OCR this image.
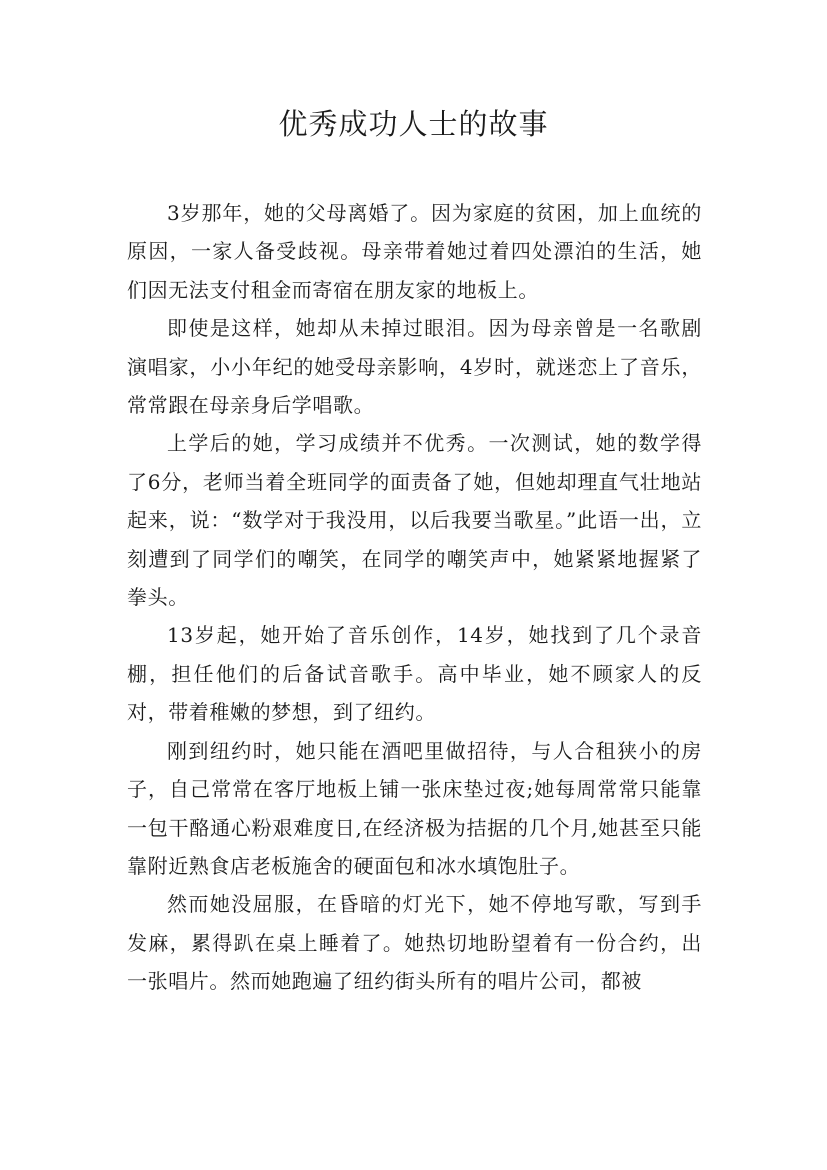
优秀成功人士的故事

3岁那年，她的父母离婚了。因为家庭的贫困，加上血统的原因，一家人备受歧视。母亲带着她过着四处漂泊的生活，她们因无法支付租金而寄宿在朋友家的地板上。

即使是这样，她却从未掉过眼泪。因为母亲曾是一名歌剧演唱家，小小年纪的她受母亲影响，4岁时，就迷恋上了音乐，常常跟在母亲身后学唱歌。

上学后的她，学习成绩并不优秀。一次测试，她的数学得了6分，老师当着全班同学的面责备了她，但她却理直气壮地站起来，说：“数学对于我没用，以后我要当歌星。”此语一出，立刻遭到了同学们的嘲笑，在同学的嘲笑声中，她紧紧地握紧了拳头。

13岁起，她开始了音乐创作，14岁，她找到了几个录音棚，担任他们的后备试音歌手。高中毕业，她不顾家人的反对，带着稚嫩的梦想，到了纽约。

刚到纽约时，她只能在酒吧里做招待，与人合租狭小的房子，自己常常在客厅地板上铺一张床垫过夜;她每周常常只能靠一包干酪通心粉艰难度日,在经济极为拮据的几个月,她甚至只能靠附近熟食店老板施舍的硬面包和冰水填饱肚子。

然而她没屈服，在昏暗的灯光下，她不停地写歌，写到手发麻，累得趴在桌上睡着了。她热切地盼望着有一份合约，出一张唱片。然而她跑遍了纽约街头所有的唱片公司，都被
